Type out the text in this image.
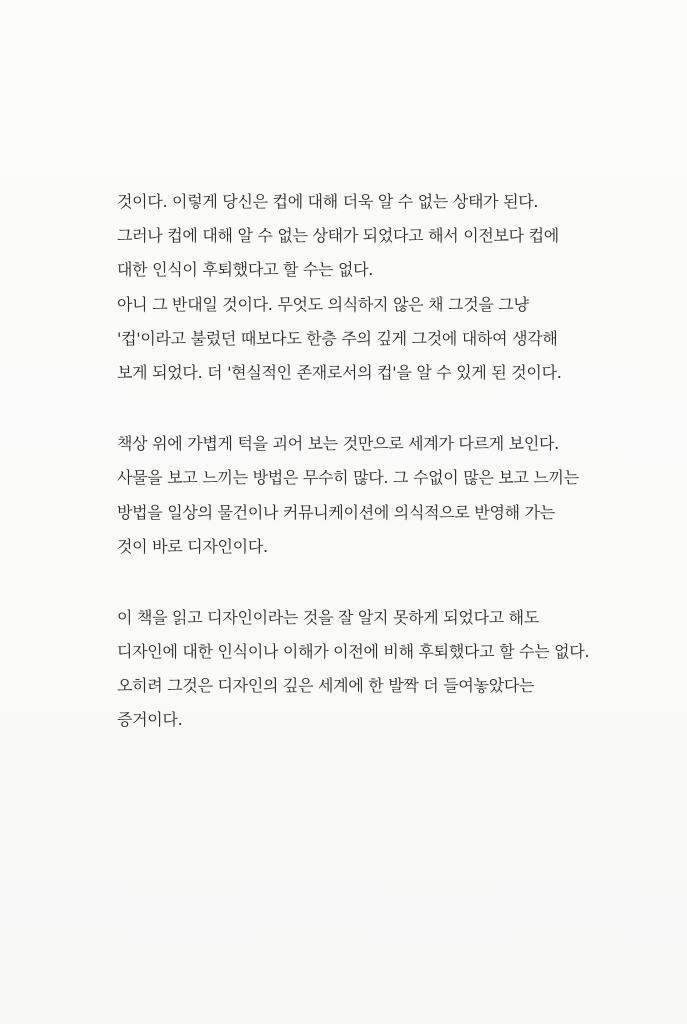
것이다. 이렇게 당신은 컵에 대해 더욱 알 수 없는 상태가 된다.
그러나 컵에 대해 알 수 없는 상태가 되었다고 해서 이전보다 컵에
대한 인식이 후퇴했다고 할 수는 없다.
아니 그 반대일 것이다. 무엇도 의식하지 않은 채 그것을 그냥
'컵'이라고 불렀던 때보다도 한층 주의 깊게 그것에 대하여 생각해
보게 되었다. 더 '현실적인 존재로서의 컵'을 알 수 있게 된 것이다.

책상 위에 가볍게 턱을 괴어 보는 것만으로 세계가 다르게 보인다.
사물을 보고 느끼는 방법은 무수히 많다. 그 수없이 많은 보고 느끼는
방법을 일상의 물건이나 커뮤니케이션에 의식적으로 반영해 가는
것이 바로 디자인이다.

이 책을 읽고 디자인이라는 것을 잘 알지 못하게 되었다고 해도
디자인에 대한 인식이나 이해가 이전에 비해 후퇴했다고 할 수는 없다.
오히려 그것은 디자인의 깊은 세계에 한 발짝 더 들여놓았다는
증거이다.
